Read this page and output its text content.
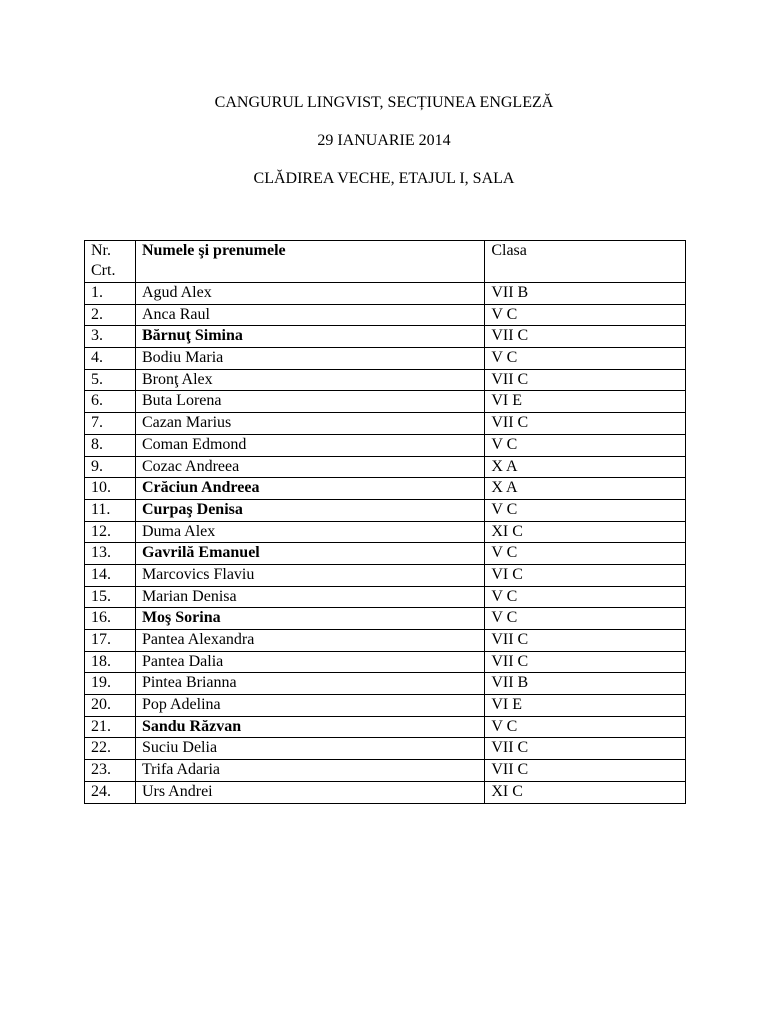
CANGURUL LINGVIST, SECȚIUNEA ENGLEZĂ

29 IANUARIE 2014

CLĂDIREA VECHE, ETAJUL I, SALA

Nr. Crt.	Numele şi prenumele	Clasa
1.	Agud Alex	VII B
2.	Anca Raul	V C
3.	Bărnuţ Simina	VII C
4.	Bodiu Maria	V C
5.	Bronţ Alex	VII C
6.	Buta Lorena	VI E
7.	Cazan Marius	VII C
8.	Coman Edmond	V C
9.	Cozac Andreea	X A
10.	Crăciun Andreea	X A
11.	Curpaş Denisa	V C
12.	Duma Alex	XI C
13.	Gavrilă Emanuel	V C
14.	Marcovics Flaviu	VI C
15.	Marian Denisa	V C
16.	Moş Sorina	V C
17.	Pantea Alexandra	VII C
18.	Pantea Dalia	VII C
19.	Pintea Brianna	VII B
20.	Pop Adelina	VI E
21.	Sandu Răzvan	V C
22.	Suciu Delia	VII C
23.	Trifa Adaria	VII C
24.	Urs Andrei	XI C
